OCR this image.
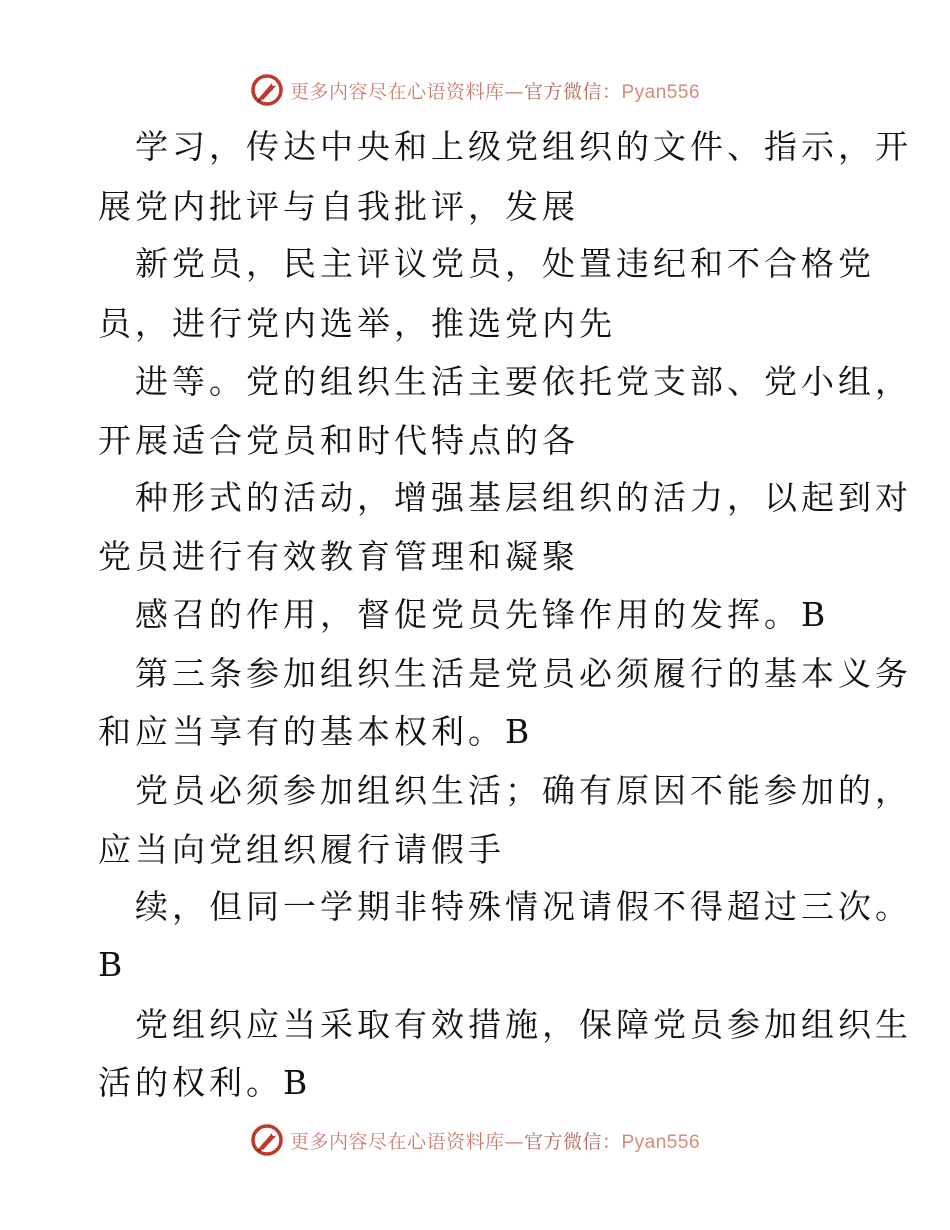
更多内容尽在心语资料库—官方微信：Pyan556
学习，传达中央和上级党组织的文件、指示，开
展党内批评与自我批评，发展
新党员，民主评议党员，处置违纪和不合格党
员，进行党内选举，推选党内先
进等。党的组织生活主要依托党支部、党小组，
开展适合党员和时代特点的各
种形式的活动，增强基层组织的活力，以起到对
党员进行有效教育管理和凝聚
感召的作用，督促党员先锋作用的发挥。B
第三条参加组织生活是党员必须履行的基本义务
和应当享有的基本权利。B
党员必须参加组织生活；确有原因不能参加的，
应当向党组织履行请假手
续，但同一学期非特殊情况请假不得超过三次。
B
党组织应当采取有效措施，保障党员参加组织生
活的权利。B
更多内容尽在心语资料库—官方微信：Pyan556
